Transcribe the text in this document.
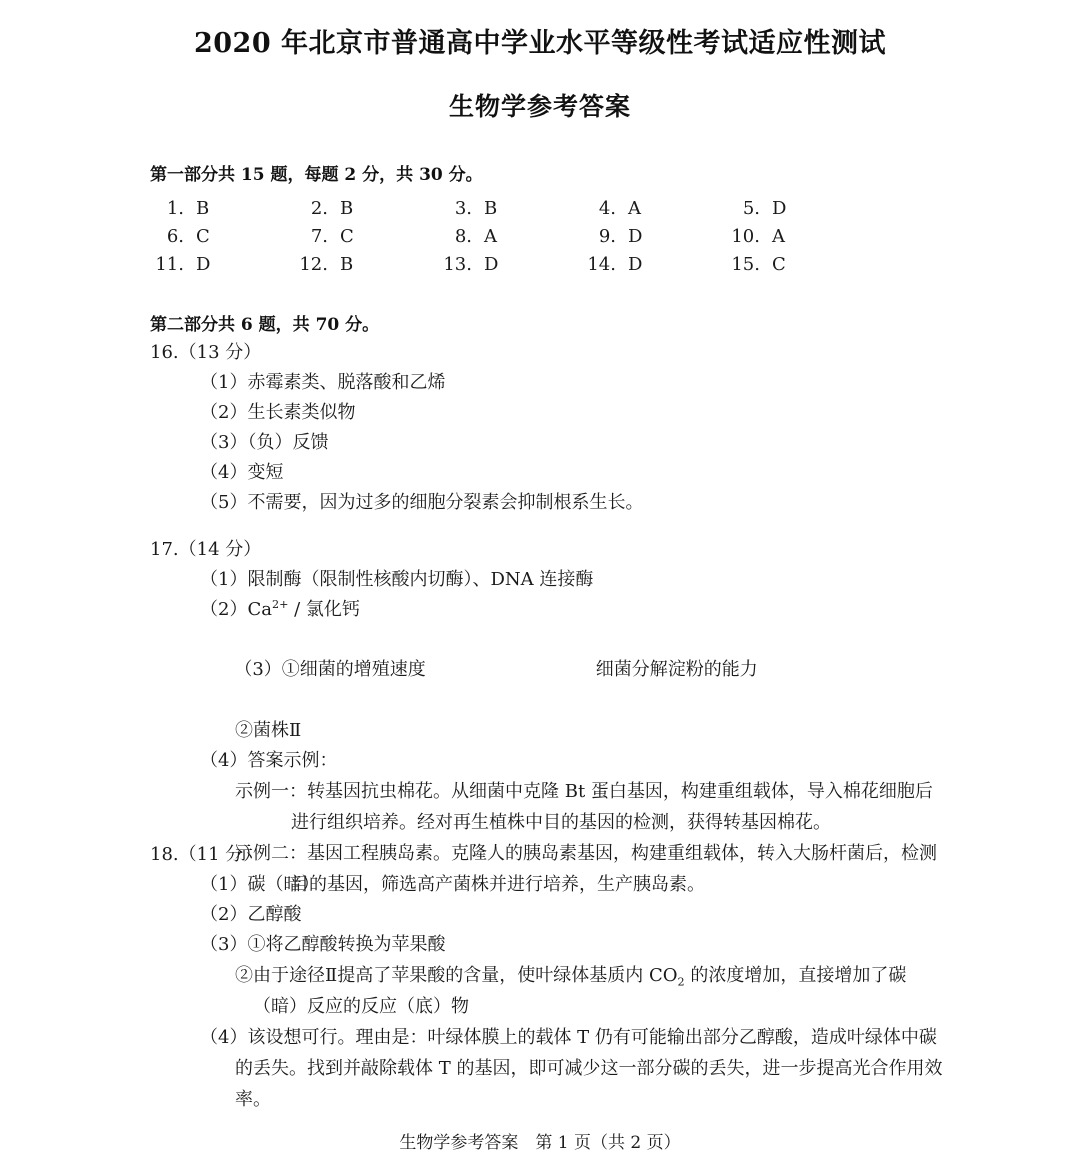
2020 年北京市普通高中学业水平等级性考试适应性测试
生物学参考答案
第一部分共 15 题，每题 2 分，共 30 分。
1. B	2. B	3. B	4. A	5. D
6. C	7. C	8. A	9. D	10. A
11. D	12. B	13. D	14. D	15. C
第二部分共 6 题，共 70 分。
16.（13 分）
（1）赤霉素类、脱落酸和乙烯
（2）生长素类似物
（3）（负）反馈
（4）变短
（5）不需要，因为过多的细胞分裂素会抑制根系生长。
17.（14 分）
（1）限制酶（限制性核酸内切酶）、DNA 连接酶
$(2)Ca^{2+}$ / 氯化钙

（3）①细菌的增殖速度	细菌分解淀粉的能力

②菌株Ⅱ
（4）答案示例：
示例一：转基因抗虫棉花。从细菌中克隆 Bt 蛋白基因，构建重组载体，导入棉花细胞后进行组织培养。经对再生植株中目的基因的检测，获得转基因棉花。
示例二：基因工程胰岛素。克隆人的胰岛素基因，构建重组载体，转入大肠杆菌后，检测目的基因，筛选高产菌株并进行培养，生产胰岛素。
18.（11 分）
（1）碳（暗）
（2）乙醇酸
（3）①将乙醇酸转换为苹果酸
②由于途径Ⅱ提高了苹果酸的含量，使叶绿体基质内 $CO_2$ 的浓度增加，直接增加了碳（暗）反应的反应（底）物
（4）该设想可行。理由是：叶绿体膜上的载体 T 仍有可能输出部分乙醇酸，造成叶绿体中碳的丢失。找到并敲除载体 T 的基因，即可减少这一部分碳的丢失，进一步提高光合作用效率。
生物学参考答案　第 1 页（共 2 页）
